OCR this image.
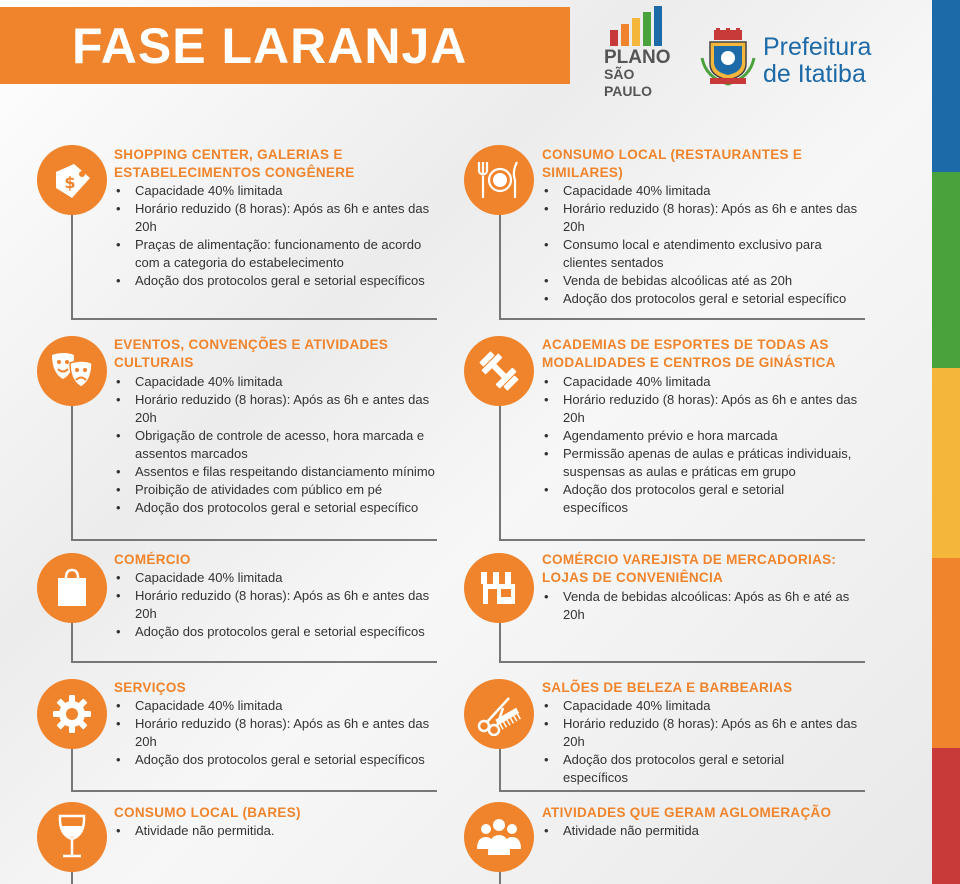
FASE LARANJA	PLANO
SÃO PAULO
Prefeitura
de Itatiba
$
SHOPPING CENTER, GALERIAS E
ESTABELECIMENTOS CONGÊNERE
• Capacidade 40% limitada
• Horário reduzido (8 horas): Após as 6h e antes das 20h
• Praças de alimentação: funcionamento de acordo com a categoria do estabelecimento
• Adoção dos protocolos geral e setorial específicos
EVENTOS, CONVENÇÕES E ATIVIDADES
CULTURAIS
• Capacidade 40% limitada
• Horário reduzido (8 horas): Após as 6h e antes das 20h
• Obrigação de controle de acesso, hora marcada e assentos marcados
• Assentos e filas respeitando distanciamento mínimo
• Proibição de atividades com público em pé
• Adoção dos protocolos geral e setorial específico
COMÉRCIO
• Capacidade 40% limitada
• Horário reduzido (8 horas): Após as 6h e antes das 20h
• Adoção dos protocolos geral e setorial específicos
SERVIÇOS
• Capacidade 40% limitada
• Horário reduzido (8 horas): Após as 6h e antes das 20h
• Adoção dos protocolos geral e setorial específicos
CONSUMO LOCAL (BARES)
• Atividade não permitida.
CONSUMO LOCAL (RESTAURANTES E
SIMILARES)
• Capacidade 40% limitada
• Horário reduzido (8 horas): Após as 6h e antes das 20h
• Consumo local e atendimento exclusivo para clientes sentados
• Venda de bebidas alcoólicas até as 20h
• Adoção dos protocolos geral e setorial específico
ACADEMIAS DE ESPORTES DE TODAS AS
MODALIDADES E CENTROS DE GINÁSTICA
• Capacidade 40% limitada
• Horário reduzido (8 horas): Após as 6h e antes das 20h
• Agendamento prévio e hora marcada
• Permissão apenas de aulas e práticas individuais, suspensas as aulas e práticas em grupo
• Adoção dos protocolos geral e setorial específicos
COMÉRCIO VAREJISTA DE MERCADORIAS:
LOJAS DE CONVENIÊNCIA
• Venda de bebidas alcoólicas: Após as 6h e até as 20h
SALÕES DE BELEZA E BARBEARIAS
• Capacidade 40% limitada
• Horário reduzido (8 horas): Após as 6h e antes das 20h
• Adoção dos protocolos geral e setorial específicos
ATIVIDADES QUE GERAM AGLOMERAÇÃO
• Atividade não permitida
